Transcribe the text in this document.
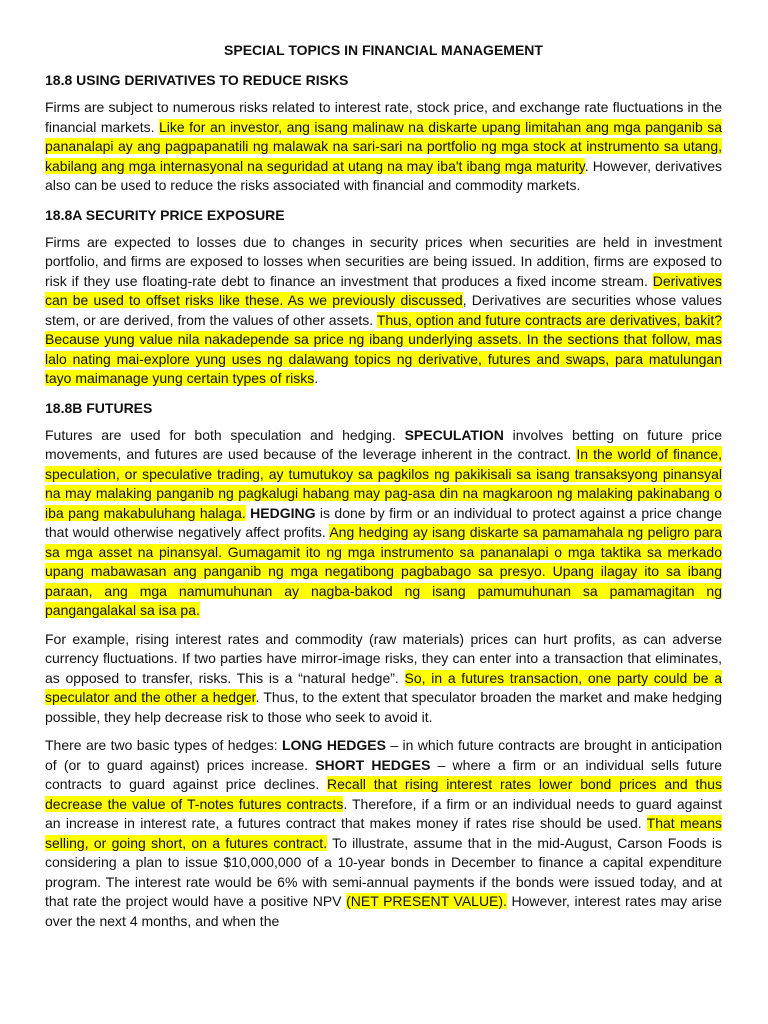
SPECIAL TOPICS IN FINANCIAL MANAGEMENT
18.8 USING DERIVATIVES TO REDUCE RISKS
Firms are subject to numerous risks related to interest rate, stock price, and exchange rate fluctuations in the financial markets. Like for an investor, ang isang malinaw na diskarte upang limitahan ang mga panganib sa pananalapi ay ang pagpapanatili ng malawak na sari-sari na portfolio ng mga stock at instrumento sa utang, kabilang ang mga internasyonal na seguridad at utang na may iba't ibang mga maturity. However, derivatives also can be used to reduce the risks associated with financial and commodity markets.
18.8A SECURITY PRICE EXPOSURE
Firms are expected to losses due to changes in security prices when securities are held in investment portfolio, and firms are exposed to losses when securities are being issued. In addition, firms are exposed to risk if they use floating-rate debt to finance an investment that produces a fixed income stream. Derivatives can be used to offset risks like these. As we previously discussed, Derivatives are securities whose values stem, or are derived, from the values of other assets. Thus, option and future contracts are derivatives, bakit? Because yung value nila nakadepende sa price ng ibang underlying assets. In the sections that follow, mas lalo nating mai-explore yung uses ng dalawang topics ng derivative, futures and swaps, para matulungan tayo maimanage yung certain types of risks.
18.8B FUTURES
Futures are used for both speculation and hedging. SPECULATION involves betting on future price movements, and futures are used because of the leverage inherent in the contract. In the world of finance, speculation, or speculative trading, ay tumutukoy sa pagkilos ng pakikisali sa isang transaksyong pinansyal na may malaking panganib ng pagkalugi habang may pag-asa din na magkaroon ng malaking pakinabang o iba pang makabuluhang halaga. HEDGING is done by firm or an individual to protect against a price change that would otherwise negatively affect profits. Ang hedging ay isang diskarte sa pamamahala ng peligro para sa mga asset na pinansyal. Gumagamit ito ng mga instrumento sa pananalapi o mga taktika sa merkado upang mabawasan ang panganib ng mga negatibong pagbabago sa presyo. Upang ilagay ito sa ibang paraan, ang mga namumuhunan ay nagba-bakod ng isang pamumuhunan sa pamamagitan ng pangangalakal sa isa pa.
For example, rising interest rates and commodity (raw materials) prices can hurt profits, as can adverse currency fluctuations. If two parties have mirror-image risks, they can enter into a transaction that eliminates, as opposed to transfer, risks. This is a “natural hedge”. So, in a futures transaction, one party could be a speculator and the other a hedger. Thus, to the extent that speculator broaden the market and make hedging possible, they help decrease risk to those who seek to avoid it.
There are two basic types of hedges: LONG HEDGES – in which future contracts are brought in anticipation of (or to guard against) prices increase. SHORT HEDGES – where a firm or an individual sells future contracts to guard against price declines. Recall that rising interest rates lower bond prices and thus decrease the value of T-notes futures contracts. Therefore, if a firm or an individual needs to guard against an increase in interest rate, a futures contract that makes money if rates rise should be used. That means selling, or going short, on a futures contract. To illustrate, assume that in the mid-August, Carson Foods is considering a plan to issue $10,000,000 of a 10-year bonds in December to finance a capital expenditure program. The interest rate would be 6% with semi-annual payments if the bonds were issued today, and at that rate the project would have a positive NPV (NET PRESENT VALUE). However, interest rates may arise over the next 4 months, and when the
